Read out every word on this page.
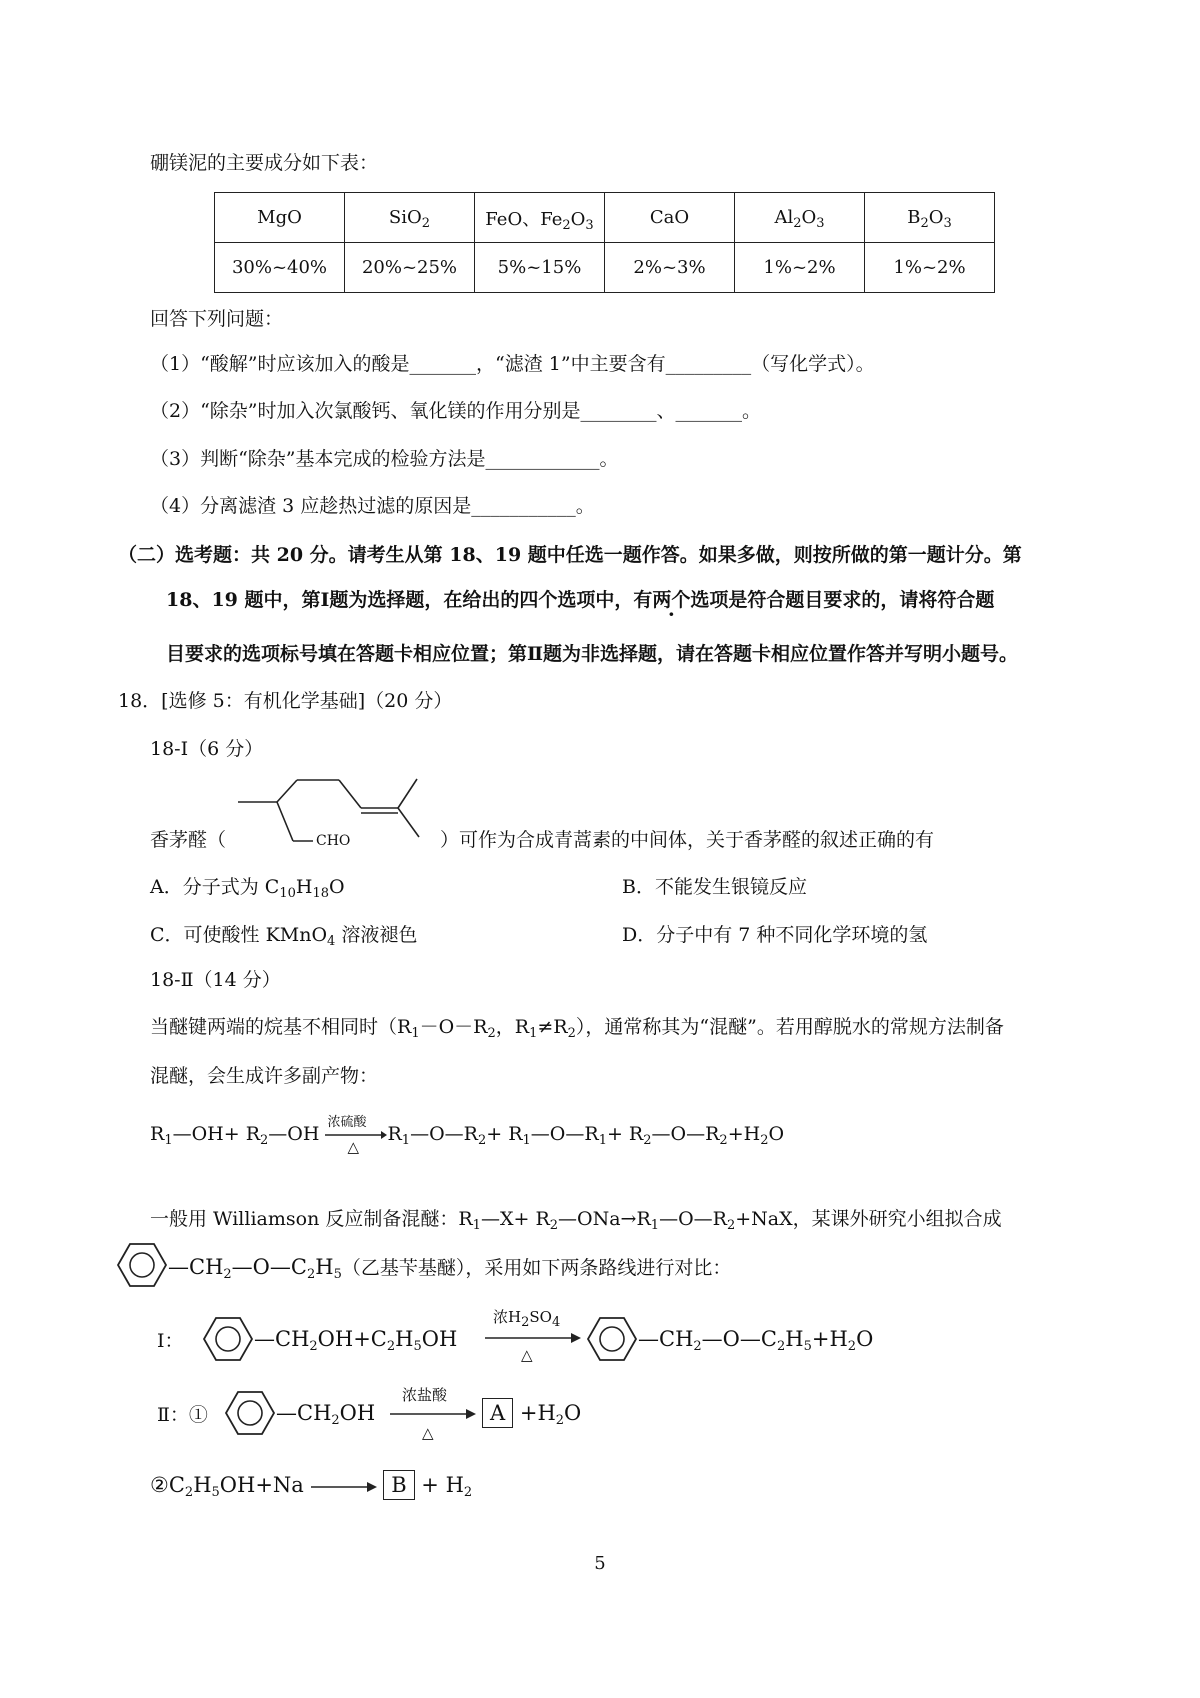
硼镁泥的主要成分如下表：
MgO	SiO$_2$	FeO、$Fe_2O_3$	CaO	$Al_2O_3$	$B_2O_3$
30%~40%	20%~25%	5%~15%	2%~3%	1%~2%	1%~2%
回答下列问题：
（1）“酸解”时应该加入的酸是_______，“滤渣 1”中主要含有_________（写化学式）。
（2）“除杂”时加入次氯酸钙、氧化镁的作用分别是________、_______。
（3）判断“除杂”基本完成的检验方法是____________。
（4）分离滤渣 3 应趁热过滤的原因是___________。
（二）选考题：共 20 分。请考生从第 18、19 题中任选一题作答。如果多做，则按所做的第一题计分。第
18、19 题中，第Ⅰ题为选择题，在给出的四个选项中，有两个选项是符合题目要求的，请将符合题
目要求的选项标号填在答题卡相应位置；第Ⅱ题为非选择题，请在答题卡相应位置作答并写明小题号。
18．[选修 5：有机化学基础]（20 分）
18-Ⅰ（6 分）
香茅醛（	）可作为合成青蒿素的中间体，关于香茅醛的叙述正确的有
CHO
A．分子式为 $C_{10}H_{18}O$	B．不能发生银镜反应
C．可使酸性 KMnO$_4$ 溶液褪色	D．分子中有 7 种不同化学环境的氢
18-Ⅱ（14 分）
当醚键两端的烷基不相同时（$R_1-O-R_2$，$R_1\ne R_2$），通常称其为“混醚”。若用醇脱水的常规方法制备
混醚，会生成许多副产物：
$R_1—OH+$ $R_2—OH$
浓硫酸
△
$R_1—O—R_2+$ $R_1—O—R_1+$ $R_2—O—R_2+H_2O$
一般用 Williamson 反应制备混醚：$R_1—X+$ $R_2—ONa\to R_1—O—R_2+NaX$，某课外研究小组拟合成
$—CH_2—O—C_2H_5$（乙基苄基醚），采用如下两条路线进行对比：
Ⅰ：	$—CH_2OH+C_2H_5OH$
浓$H_2SO_4$
△
$—CH_2—O—C_2H_5+H_2O$
Ⅱ：①	$—CH_2OH$
浓盐酸
△
$A +H_2O$
$②C_2H_5OH+Na$	$B + H_2$
5
